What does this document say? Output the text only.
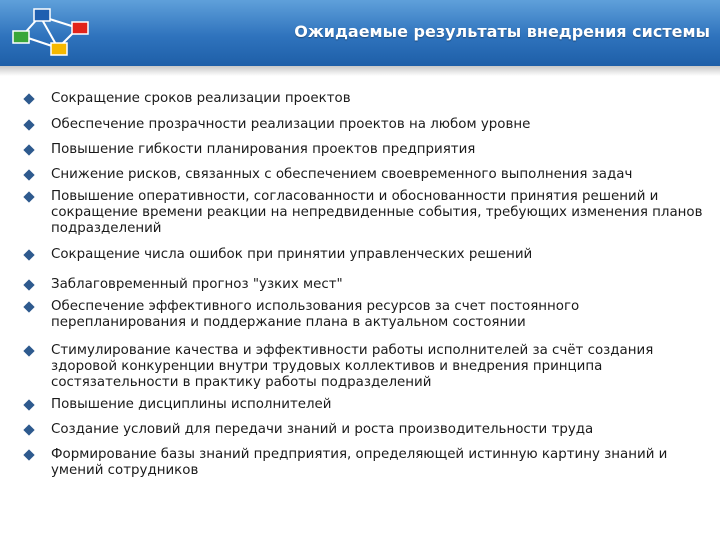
Ожидаемые результаты внедрения системы
Сокращение сроков реализации проектов
Обеспечение прозрачности реализации проектов на любом уровне
Повышение гибкости планирования проектов предприятия
Снижение рисков, связанных с обеспечением своевременного выполнения задач
Повышение оперативности, согласованности и обоснованности принятия решений и сокращение времени реакции на непредвиденные события, требующих изменения планов подразделений
Сокращение числа ошибок при принятии управленческих решений
Заблаговременный прогноз "узких мест"
Обеспечение эффективного использования ресурсов за счет постоянного перепланирования и поддержание плана в актуальном состоянии
Стимулирование качества и эффективности работы исполнителей за счёт создания здоровой конкуренции внутри трудовых коллективов и внедрения принципа состязательности в практику работы подразделений
Повышение дисциплины исполнителей
Создание условий для передачи знаний и роста производительности труда
Формирование базы знаний предприятия, определяющей истинную картину знаний и умений сотрудников
